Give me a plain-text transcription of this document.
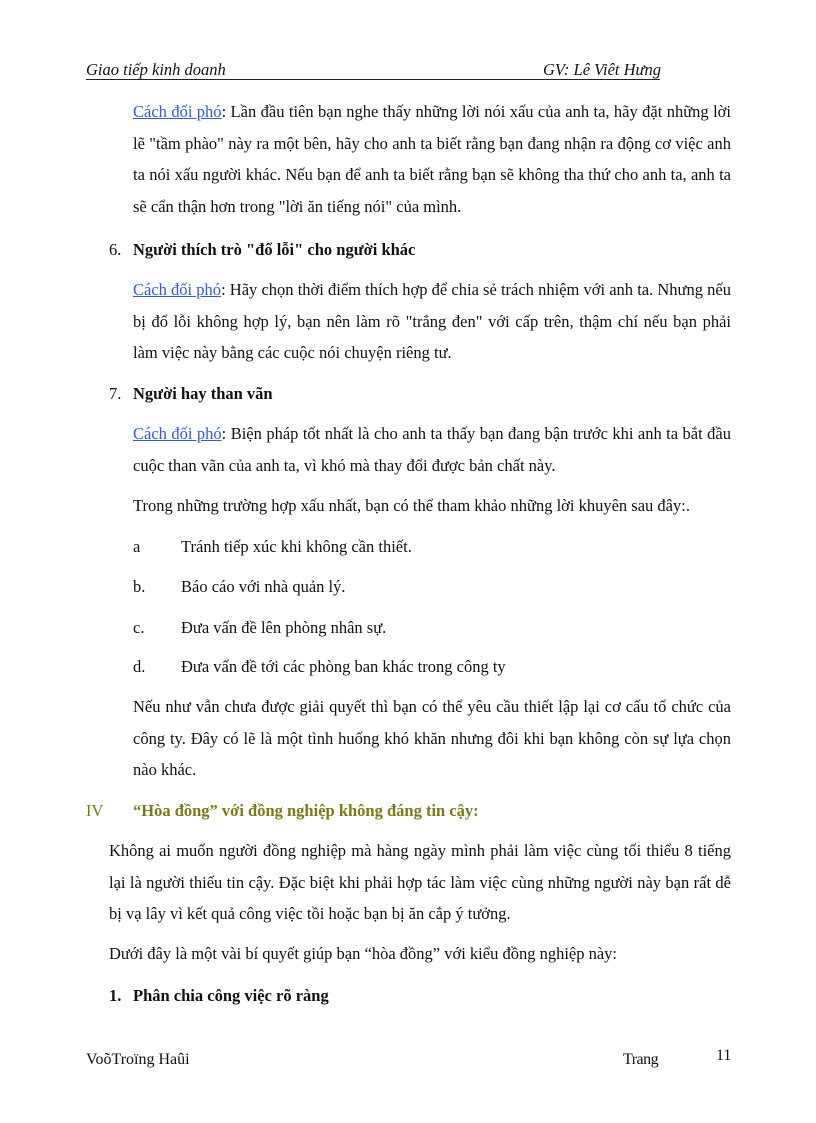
Giao tiếp kinh doanh	GV: Lê Viêt Hưng
Cách đối phó: Lần đầu tiên bạn nghe thấy những lời nói xấu của anh ta, hãy đặt những lời lẽ "tầm phào" này ra một bên, hãy cho anh ta biết rằng bạn đang nhận ra động cơ việc anh ta nói xấu người khác. Nếu bạn để anh ta biết rằng bạn sẽ không tha thứ cho anh ta, anh ta sẽ cẩn thận hơn trong "lời ăn tiếng nói" của mình.
6. Người thích trò "đổ lỗi" cho người khác
Cách đối phó: Hãy chọn thời điểm thích hợp để chia sẻ trách nhiệm với anh ta. Nhưng nếu bị đổ lỗi không hợp lý, bạn nên làm rõ "trắng đen" với cấp trên, thậm chí nếu bạn phải làm việc này bằng các cuộc nói chuyện riêng tư.
7. Người hay than vãn
Cách đối phó: Biện pháp tốt nhất là cho anh ta thấy bạn đang bận trước khi anh ta bắt đầu cuộc than vãn của anh ta, vì khó mà thay đổi được bản chất này.
Trong những trường hợp xấu nhất, bạn có thể tham khảo những lời khuyên sau đây:.
a Tránh tiếp xúc khi không cần thiết.
b. Báo cáo với nhà quản lý.
c. Đưa vấn đề lên phòng nhân sự.
d. Đưa vấn đề tới các phòng ban khác trong công ty
Nếu như vẫn chưa được giải quyết thì bạn có thể yêu cầu thiết lập lại cơ cấu tổ chức của công ty. Đây có lẽ là một tình huống khó khăn nhưng đôi khi bạn không còn sự lựa chọn nào khác.
IV “Hòa đồng” với đồng nghiệp không đáng tin cậy:
Không ai muốn người đồng nghiệp mà hàng ngày mình phải làm việc cùng tối thiểu 8 tiếng lại là người thiếu tin cậy. Đặc biệt khi phải hợp tác làm việc cùng những người này bạn rất dễ bị vạ lây vì kết quả công việc tồi hoặc bạn bị ăn cắp ý tưởng.
Dưới đây là một vài bí quyết giúp bạn “hòa đồng” với kiểu đồng nghiệp này:
1. Phân chia công việc rõ ràng
VoõTroïng Haûi	Trang	11
